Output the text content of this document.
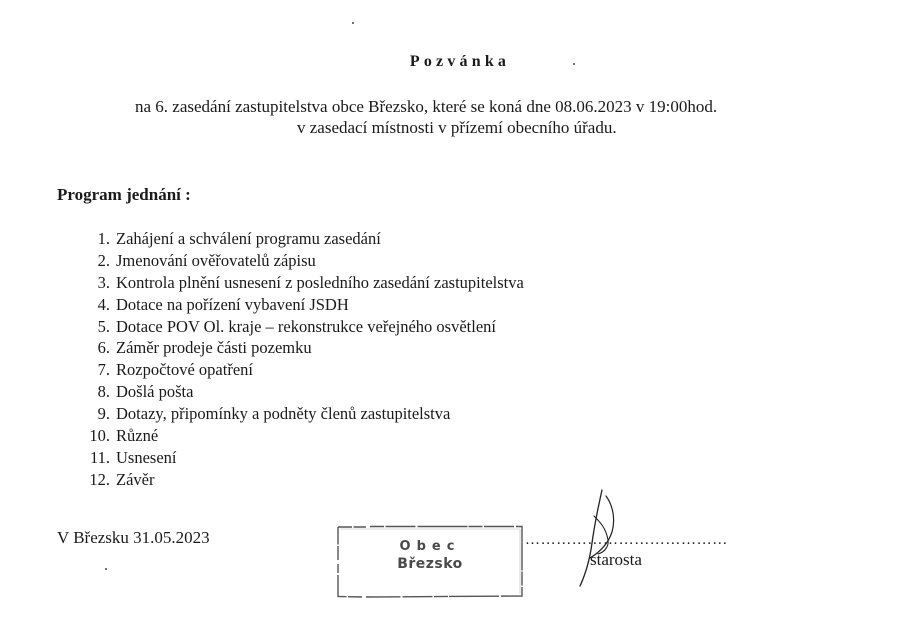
Pozvánka
na 6. zasedání zastupitelstva obce Březsko, které se koná dne 08.06.2023 v 19:00hod.
v zasedací místnosti v přízemí obecního úřadu.
Program jednání :
1. Zahájení a schválení programu zasedání
2. Jmenování ověřovatelů zápisu
3. Kontrola plnění usnesení z posledního zasedání zastupitelstva
4. Dotace na pořízení vybavení JSDH
5. Dotace POV Ol. kraje – rekonstrukce veřejného osvětlení
6. Záměr prodeje části pozemku
7. Rozpočtové opatření
8. Došlá pošta
9. Dotazy, připomínky a podněty členů zastupitelstva
10. Různé
11. Usnesení
12. Závěr
V Březsku 31.05.2023	Obec
Březsko
…………………………………
starosta
